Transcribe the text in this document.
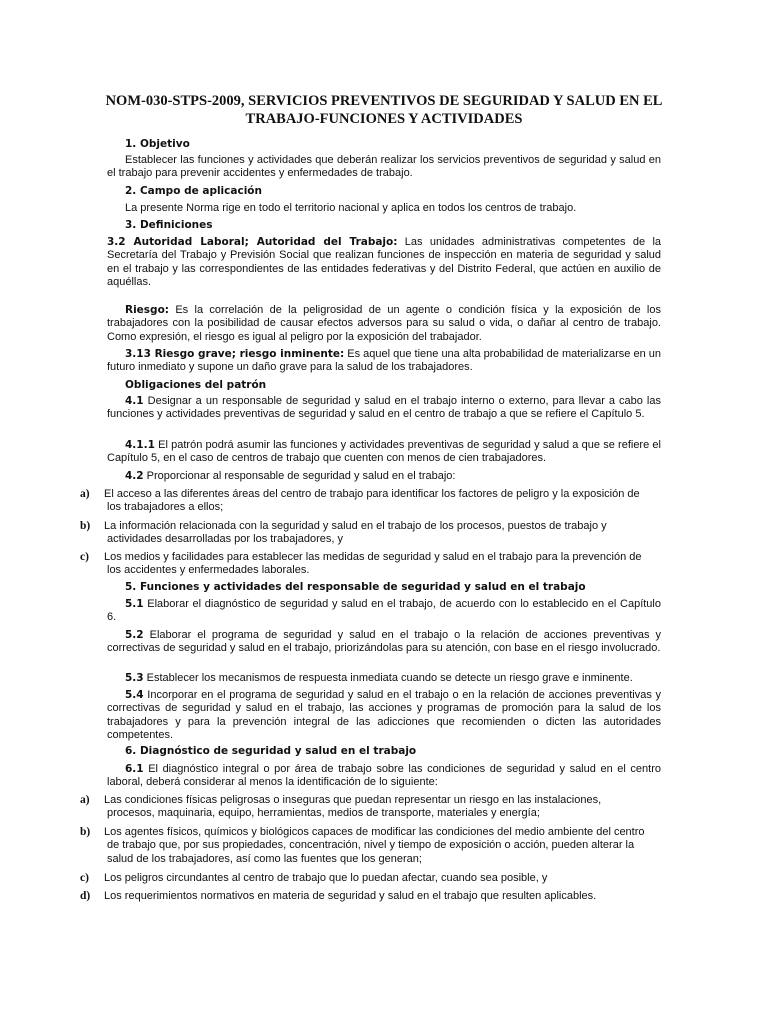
NOM-030-STPS-2009, SERVICIOS PREVENTIVOS DE SEGURIDAD Y SALUD EN EL TRABAJO-FUNCIONES Y ACTIVIDADES
1. Objetivo
Establecer las funciones y actividades que deberán realizar los servicios preventivos de seguridad y salud en el trabajo para prevenir accidentes y enfermedades de trabajo.
2. Campo de aplicación
La presente Norma rige en todo el territorio nacional y aplica en todos los centros de trabajo.
3. Definiciones
3.2 Autoridad Laboral; Autoridad del Trabajo: Las unidades administrativas competentes de la Secretaría del Trabajo y Previsión Social que realizan funciones de inspección en materia de seguridad y salud en el trabajo y las correspondientes de las entidades federativas y del Distrito Federal, que actúen en auxilio de aquéllas.
Riesgo: Es la correlación de la peligrosidad de un agente o condición física y la exposición de los trabajadores con la posibilidad de causar efectos adversos para su salud o vida, o dañar al centro de trabajo. Como expresión, el riesgo es igual al peligro por la exposición del trabajador.
3.13 Riesgo grave; riesgo inminente: Es aquel que tiene una alta probabilidad de materializarse en un futuro inmediato y supone un daño grave para la salud de los trabajadores.
Obligaciones del patrón
4.1 Designar a un responsable de seguridad y salud en el trabajo interno o externo, para llevar a cabo las funciones y actividades preventivas de seguridad y salud en el centro de trabajo a que se refiere el Capítulo 5.
4.1.1 El patrón podrá asumir las funciones y actividades preventivas de seguridad y salud a que se refiere el Capítulo 5, en el caso de centros de trabajo que cuenten con menos de cien trabajadores.
4.2 Proporcionar al responsable de seguridad y salud en el trabajo:
a) El acceso a las diferentes áreas del centro de trabajo para identificar los factores de peligro y la exposición de
los trabajadores a ellos;
b) La información relacionada con la seguridad y salud en el trabajo de los procesos, puestos de trabajo y
actividades desarrolladas por los trabajadores, y
c) Los medios y facilidades para establecer las medidas de seguridad y salud en el trabajo para la prevención de
los accidentes y enfermedades laborales.
5. Funciones y actividades del responsable de seguridad y salud en el trabajo
5.1 Elaborar el diagnóstico de seguridad y salud en el trabajo, de acuerdo con lo establecido en el Capítulo 6.
5.2 Elaborar el programa de seguridad y salud en el trabajo o la relación de acciones preventivas y correctivas de seguridad y salud en el trabajo, priorizándolas para su atención, con base en el riesgo involucrado.
5.3 Establecer los mecanismos de respuesta inmediata cuando se detecte un riesgo grave e inminente.
5.4 Incorporar en el programa de seguridad y salud en el trabajo o en la relación de acciones preventivas y correctivas de seguridad y salud en el trabajo, las acciones y programas de promoción para la salud de los trabajadores y para la prevención integral de las adicciones que recomienden o dicten las autoridades competentes.
6. Diagnóstico de seguridad y salud en el trabajo
6.1 El diagnóstico integral o por área de trabajo sobre las condiciones de seguridad y salud en el centro laboral, deberá considerar al menos la identificación de lo siguiente:
a) Las condiciones físicas peligrosas o inseguras que puedan representar un riesgo en las instalaciones,
procesos, maquinaria, equipo, herramientas, medios de transporte, materiales y energía;
b) Los agentes físicos, químicos y biológicos capaces de modificar las condiciones del medio ambiente del centro
de trabajo que, por sus propiedades, concentración, nivel y tiempo de exposición o acción, pueden alterar la
salud de los trabajadores, así como las fuentes que los generan;
c) Los peligros circundantes al centro de trabajo que lo puedan afectar, cuando sea posible, y
d) Los requerimientos normativos en materia de seguridad y salud en el trabajo que resulten aplicables.
